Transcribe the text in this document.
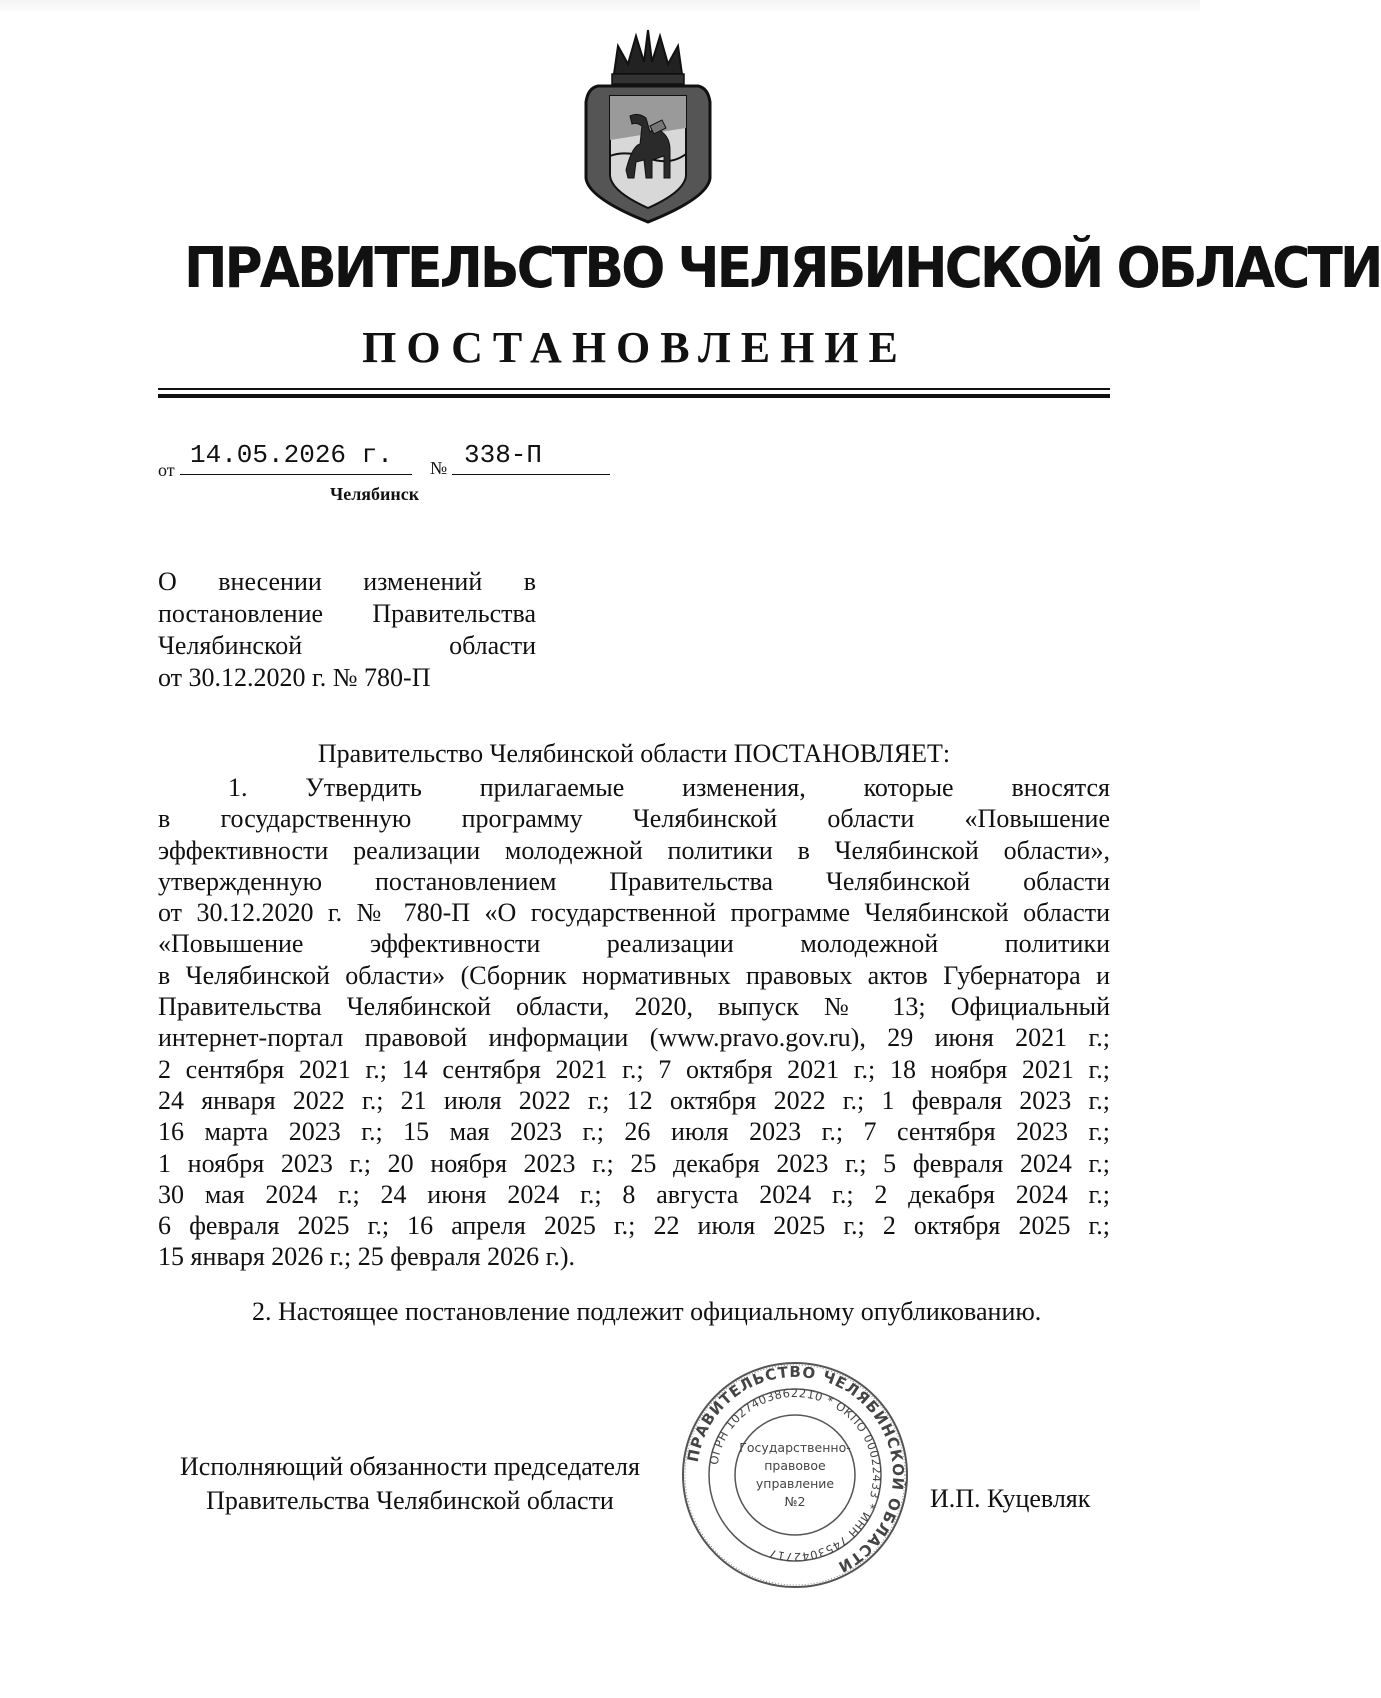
ПРАВИТЕЛЬСТВО ЧЕЛЯБИНСКОЙ ОБЛАСТИ
ПОСТАНОВЛЕНИЕ
от 14.05.2026 г.	№ 338-П
Челябинск
О внесении изменений в
постановление Правительства
Челябинской области
от 30.12.2020 г. № 780-П
Правительство Челябинской области ПОСТАНОВЛЯЕТ:
1. Утвердить прилагаемые изменения, которые вносятся
в государственную программу Челябинской области «Повышение
эффективности реализации молодежной политики в Челябинской области»,
утвержденную постановлением Правительства Челябинской области
от 30.12.2020 г. № 780-П «О государственной программе Челябинской области
«Повышение эффективности реализации молодежной политики
в Челябинской области» (Сборник нормативных правовых актов Губернатора и
Правительства Челябинской области, 2020, выпуск № 13; Официальный
интернет-портал правовой информации (www.pravo.gov.ru), 29 июня 2021 г.;
2 сентября 2021 г.; 14 сентября 2021 г.; 7 октября 2021 г.; 18 ноября 2021 г.;
24 января 2022 г.; 21 июля 2022 г.; 12 октября 2022 г.; 1 февраля 2023 г.;
16 марта 2023 г.; 15 мая 2023 г.; 26 июля 2023 г.; 7 сентября 2023 г.;
1 ноября 2023 г.; 20 ноября 2023 г.; 25 декабря 2023 г.; 5 февраля 2024 г.;
30 мая 2024 г.; 24 июня 2024 г.; 8 августа 2024 г.; 2 декабря 2024 г.;
6 февраля 2025 г.; 16 апреля 2025 г.; 22 июля 2025 г.; 2 октября 2025 г.;
15 января 2026 г.; 25 февраля 2026 г.).
2. Настоящее постановление подлежит официальному опубликованию.
Исполняющий обязанности председателя
Правительства Челябинской области
ПРАВИТЕЛЬСТВО ЧЕЛЯБИНСКОЙ ОБЛАСТИ
ОГРН 1027403862210 * ОКПО 00022433 * ИНН 7453042717
Государственно-
правовое
управление
№2	И.П. Куцевляк
